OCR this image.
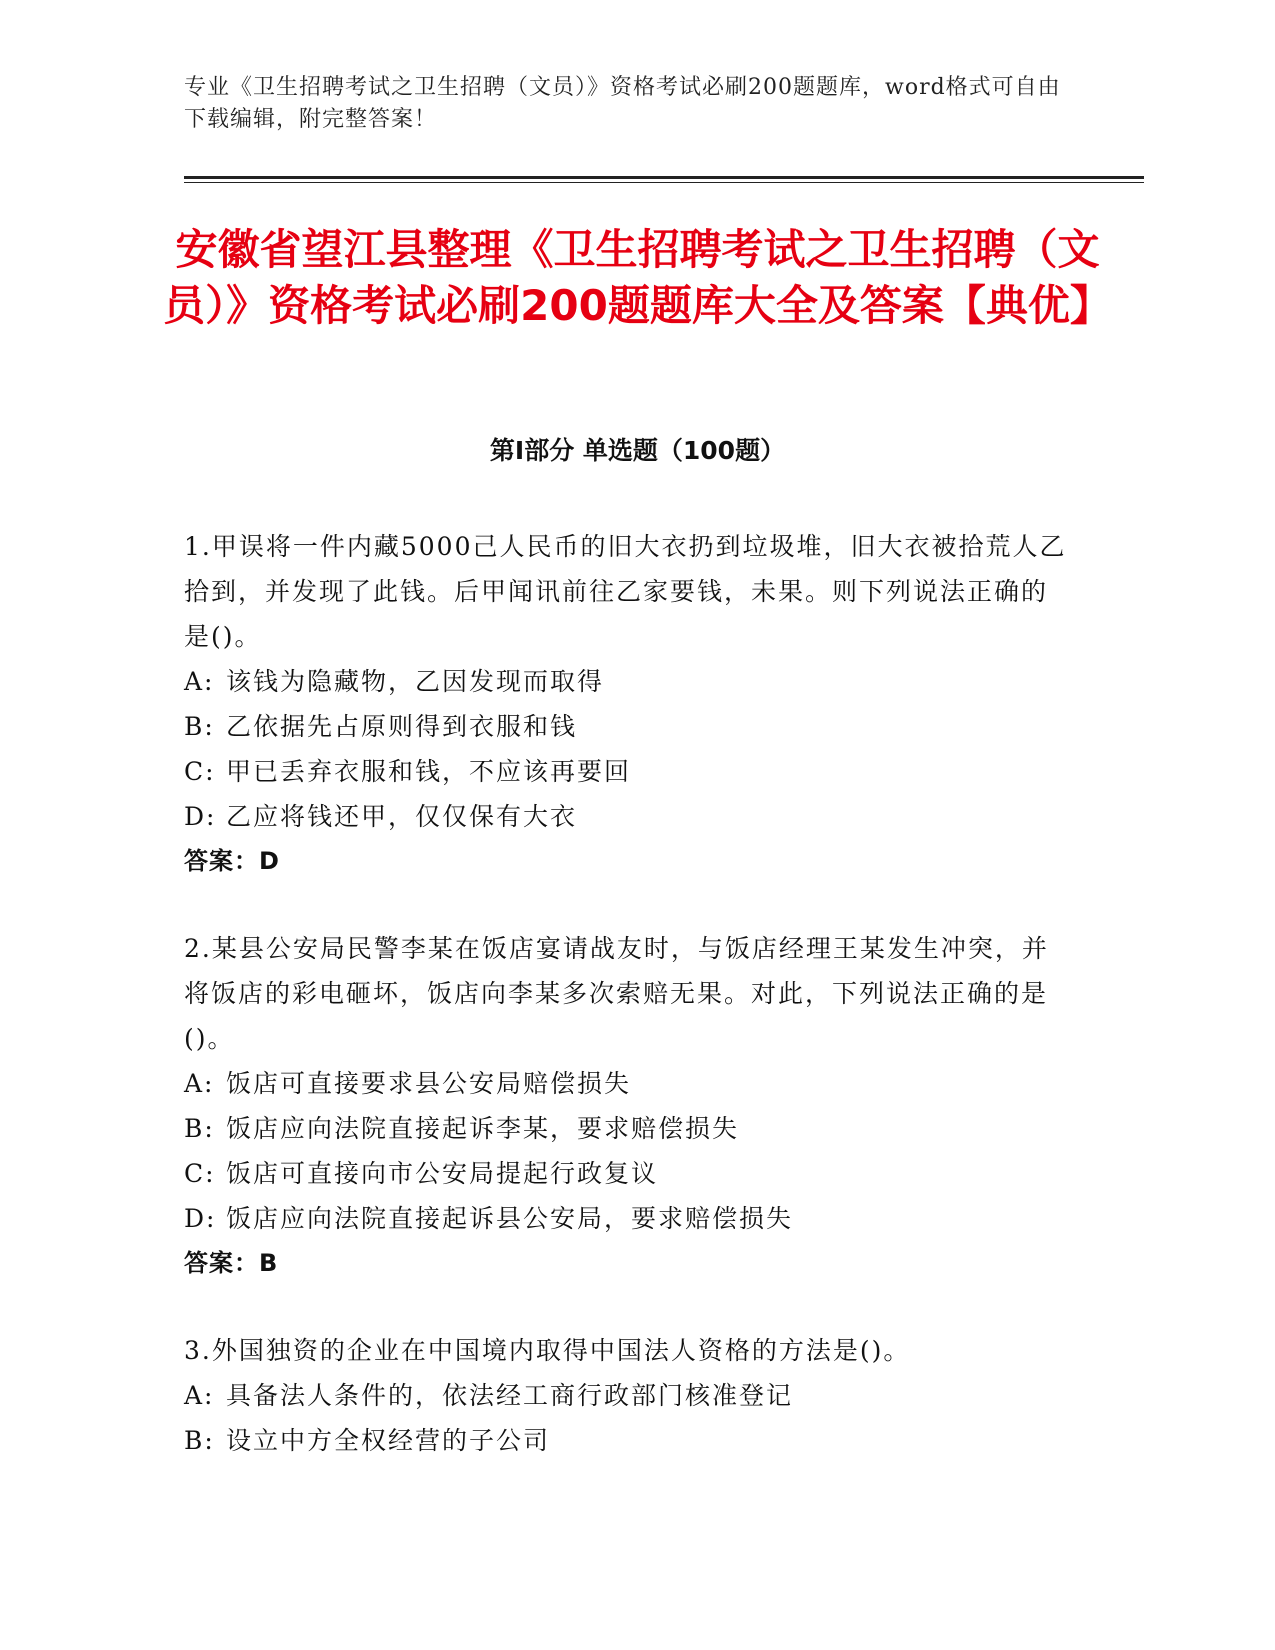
专业《卫生招聘考试之卫生招聘（文员）》资格考试必刷200题题库，word格式可自由下载编辑，附完整答案！
安徽省望江县整理《卫生招聘考试之卫生招聘（文员）》资格考试必刷200题题库大全及答案【典优】
第I部分 单选题（100题）
1.甲误将一件内藏5000己人民币的旧大衣扔到垃圾堆，旧大衣被拾荒人乙拾到，并发现了此钱。后甲闻讯前往乙家要钱，未果。则下列说法正确的是()。
A: 该钱为隐藏物，乙因发现而取得
B: 乙依据先占原则得到衣服和钱
C: 甲已丢弃衣服和钱，不应该再要回
D: 乙应将钱还甲，仅仅保有大衣
答案：D
2.某县公安局民警李某在饭店宴请战友时，与饭店经理王某发生冲突，并将饭店的彩电砸坏，饭店向李某多次索赔无果。对此，下列说法正确的是()。
A: 饭店可直接要求县公安局赔偿损失
B: 饭店应向法院直接起诉李某，要求赔偿损失
C: 饭店可直接向市公安局提起行政复议
D: 饭店应向法院直接起诉县公安局，要求赔偿损失
答案：B
3.外国独资的企业在中国境内取得中国法人资格的方法是()。
A: 具备法人条件的，依法经工商行政部门核准登记
B: 设立中方全权经营的子公司
